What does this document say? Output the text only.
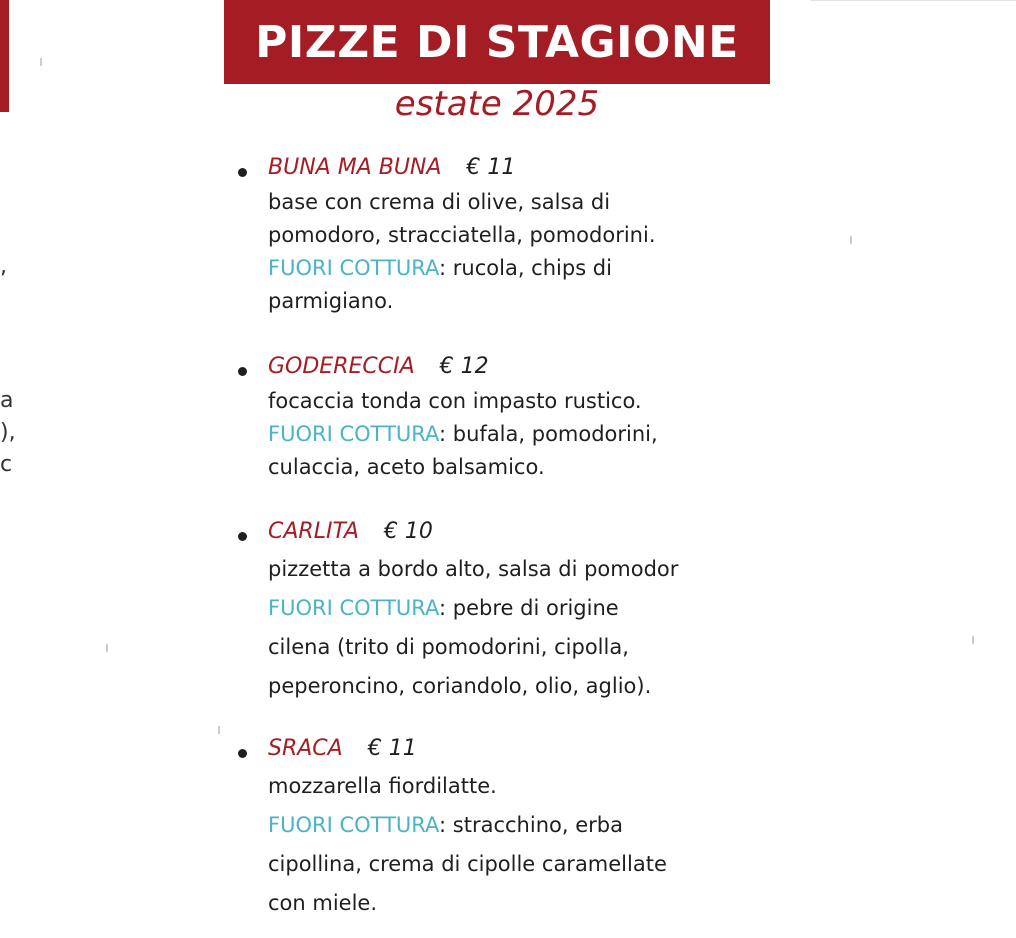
,
a
),
c
PIZZE DI STAGIONE
estate 2025
BUNA MA BUNA € 11
base con crema di olive, salsa di
pomodoro, stracciatella, pomodorini.
FUORI COTTURA: rucola, chips di
parmigiano.
GODERECCIA € 12
focaccia tonda con impasto rustico.
FUORI COTTURA: bufala, pomodorini,
culaccia, aceto balsamico.
CARLITA € 10
pizzetta a bordo alto, salsa di pomodor
FUORI COTTURA: pebre di origine
cilena (trito di pomodorini, cipolla,
peperoncino, coriandolo, olio, aglio).
SRACA € 11
mozzarella fiordilatte.
FUORI COTTURA: stracchino, erba
cipollina, crema di cipolle caramellate
con miele.
